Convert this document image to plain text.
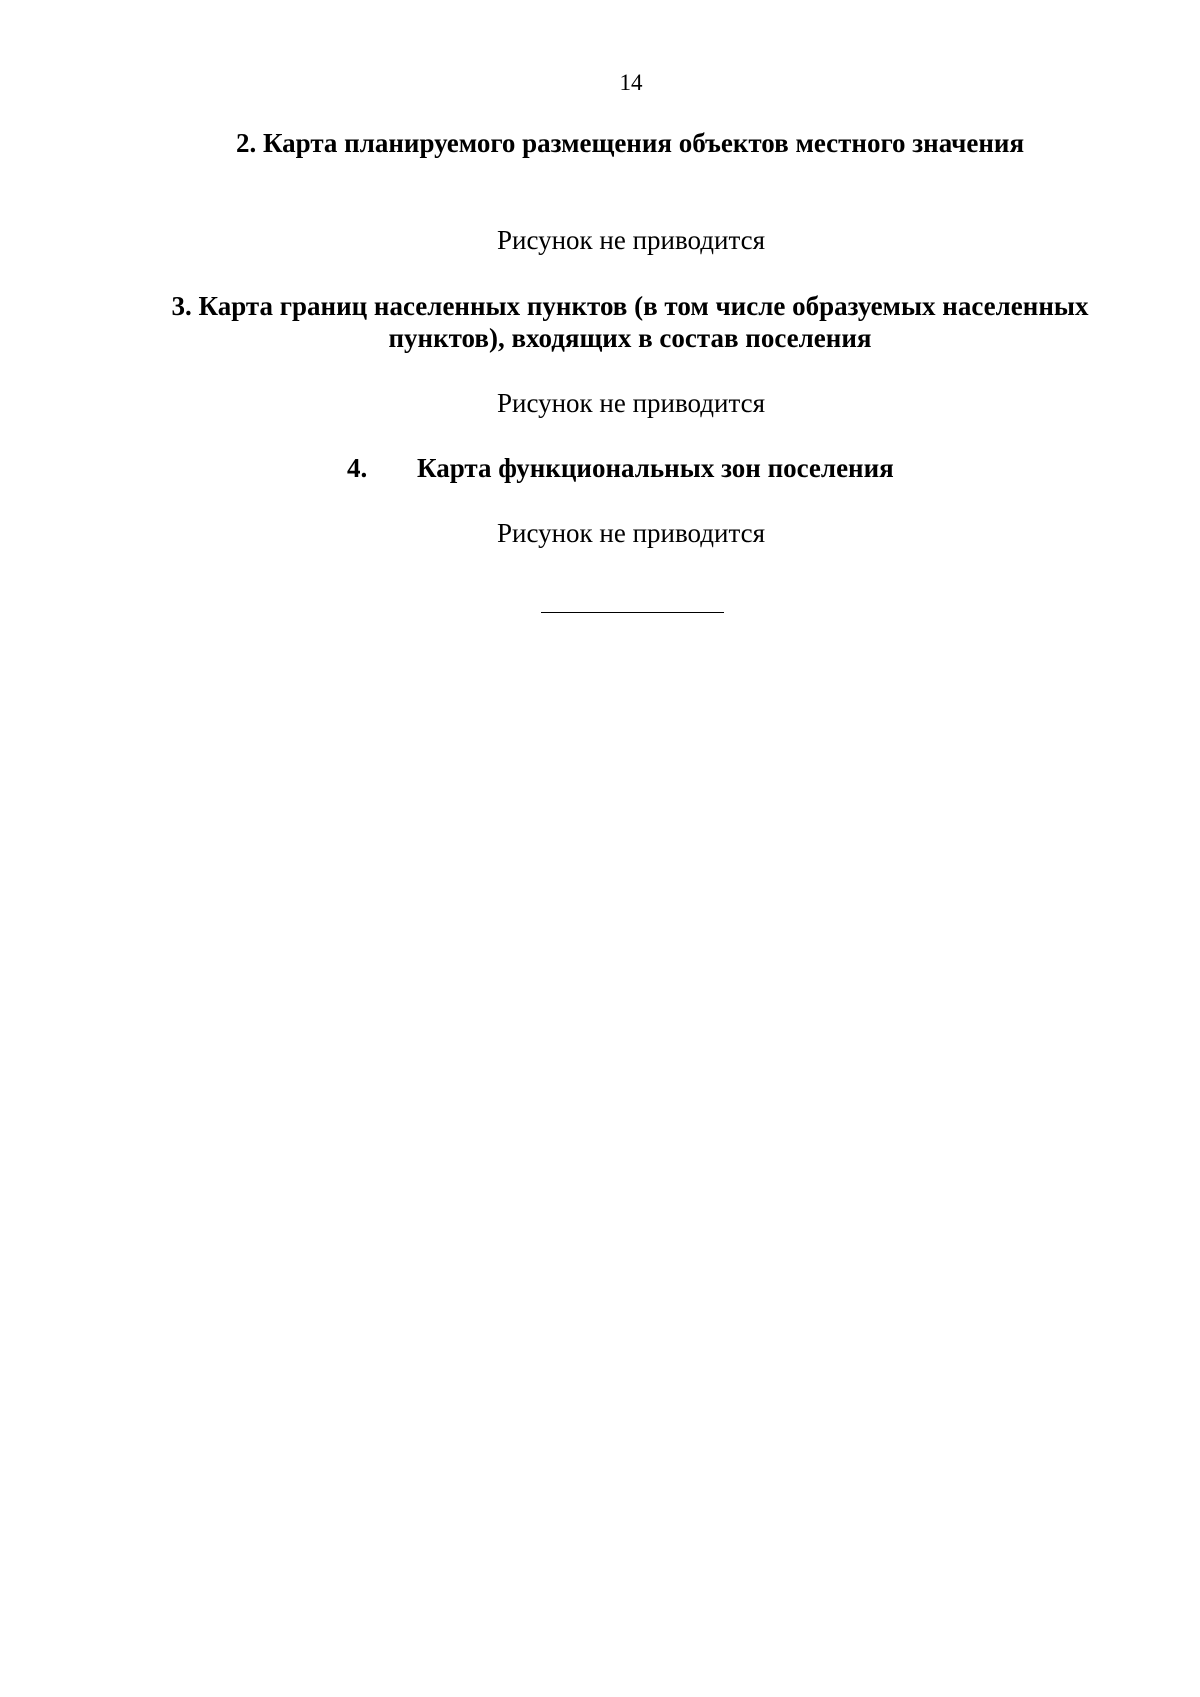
14
2. Карта планируемого размещения объектов местного значения
Рисунок не приводится
3. Карта границ населенных пунктов (в том числе образуемых населенных пунктов), входящих в состав поселения
Рисунок не приводится
4. Карта функциональных зон поселения
Рисунок не приводится
